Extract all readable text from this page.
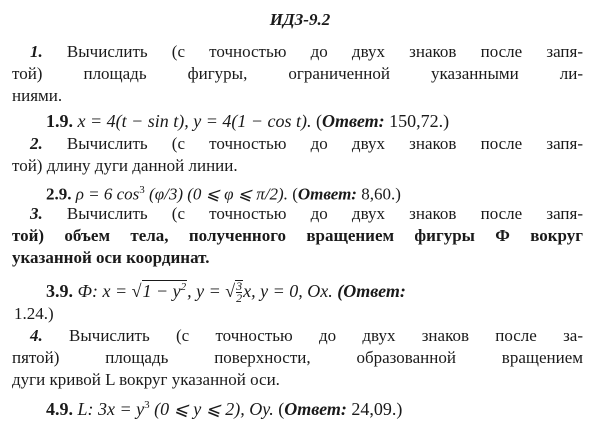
ИДЗ-9.2
1. Вычислить (с точностью до двух знаков после запя-
той) площадь фигуры, ограниченной указанными ли-
ниями.
1.9. x = 4(t − sin t), y = 4(1 − cos t). (Ответ: 150,72.)
2. Вычислить (с точностью до двух знаков после запя-
той) длину дуги данной линии.
2.9. ρ = 6 $\cos^3 (\varphi/3)$ (0 ⩽ φ ⩽ π/2). (Ответ: 8,60.)
3. Вычислить (с точностью до двух знаков после запя-
той) объем тела, полученного вращением фигуры Ф вокруг
указанной оси координат.
3.9. Ф: $x = √1 - y^2$, y = √ $\frac{3}{2} x$, y = 0, Ox. (Ответ:
1.24.)
4. Вычислить (с точностью до двух знаков после за-
пятой) площадь поверхности, образованной вращением
дуги кривой L вокруг указанной оси.
4.9. L: $3x = y^3$ (0 ⩽ y ⩽ 2), Oy. (Ответ: 24,09.)
